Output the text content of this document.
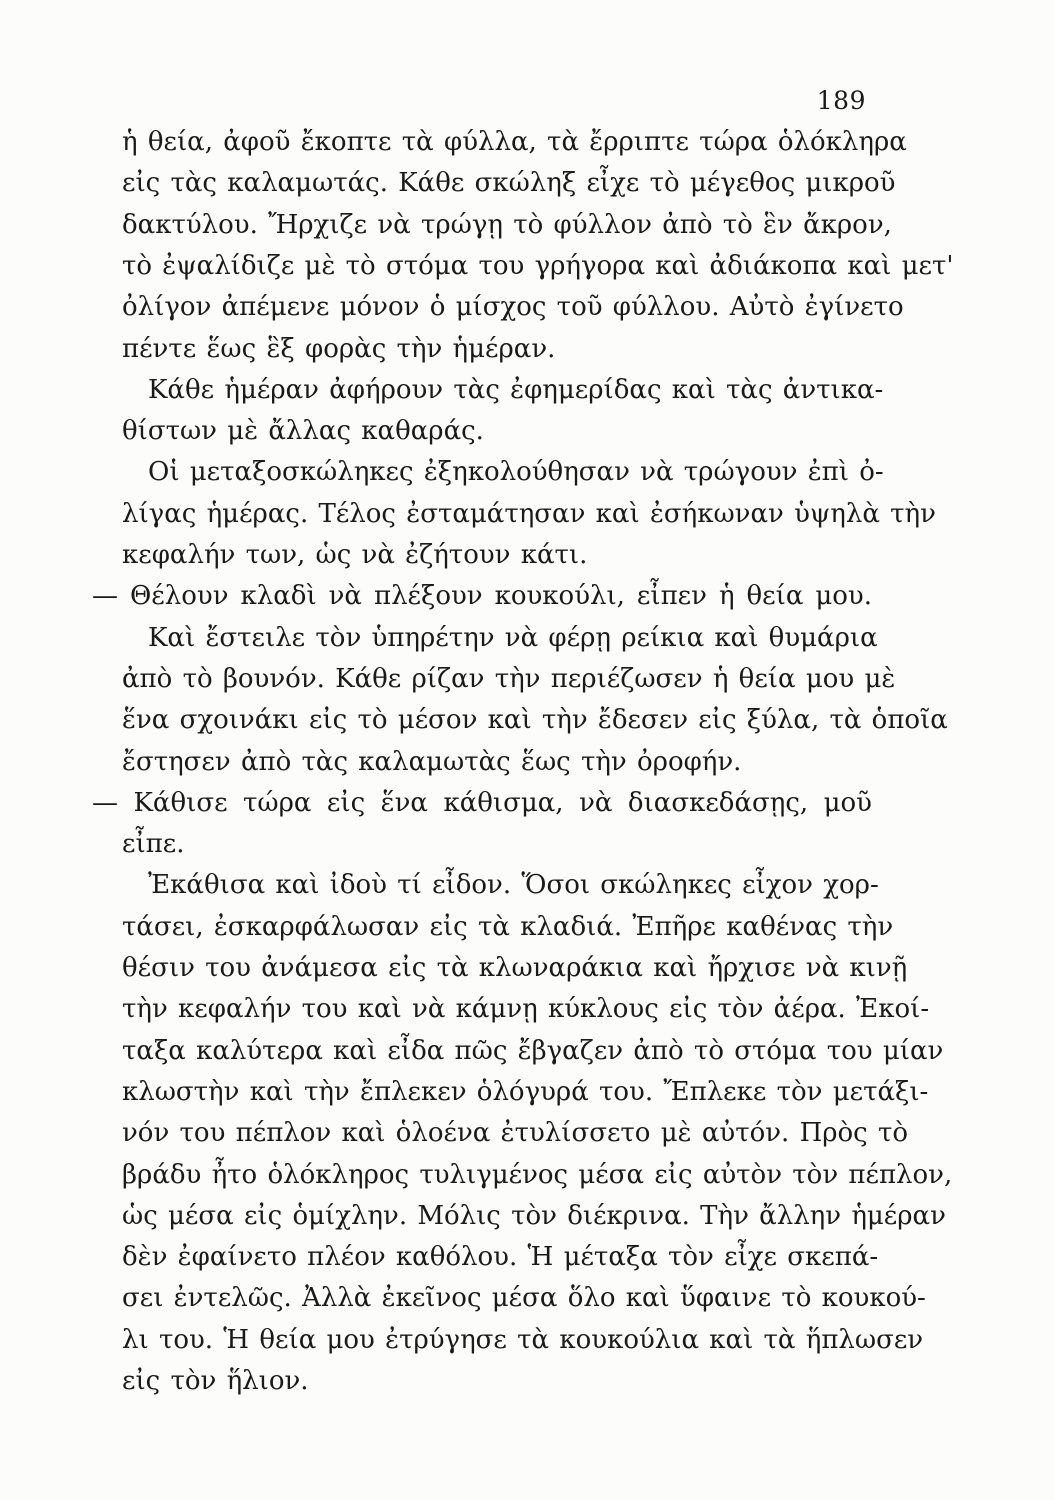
189
ἡ θεία, ἀφοῦ ἔκοπτε τὰ φύλλα, τὰ ἔρριπτε τώρα ὁλόκληρα
εἰς τὰς καλαμωτάς. Κάθε σκώληξ εἶχε τὸ μέγεθος μικροῦ
δακτύλου. Ἤρχιζε νὰ τρώγῃ τὸ φύλλον ἀπὸ τὸ ἓν ἄκρον,
τὸ ἐψαλίδιζε μὲ τὸ στόμα του γρήγορα καὶ ἀδιάκοπα καὶ μετ'
ὀλίγον ἀπέμενε μόνον ὁ μίσχος τοῦ φύλλου. Αὐτὸ ἐγίνετο
πέντε ἕως ἓξ φορὰς τὴν ἡμέραν.
Κάθε ἡμέραν ἀφήρουν τὰς ἐφημερίδας καὶ τὰς ἀντικα-
θίστων μὲ ἄλλας καθαράς.
Οἱ μεταξοσκώληκες ἐξηκολούθησαν νὰ τρώγουν ἐπὶ ὀ-
λίγας ἡμέρας. Τέλος ἐσταμάτησαν καὶ ἐσήκωναν ὑψηλὰ τὴν
κεφαλήν των, ὡς νὰ ἐζήτουν κάτι.
— Θέλουν κλαδὶ νὰ πλέξουν κουκούλι, εἶπεν ἡ θεία μου.
Καὶ ἔστειλε τὸν ὑπηρέτην νὰ φέρῃ ρείκια καὶ θυμάρια
ἀπὸ τὸ βουνόν. Κάθε ρίζαν τὴν περιέζωσεν ἡ θεία μου μὲ
ἕνα σχοινάκι εἰς τὸ μέσον καὶ τὴν ἔδεσεν εἰς ξύλα, τὰ ὁποῖα
ἔστησεν ἀπὸ τὰς καλαμωτὰς ἕως τὴν ὀροφήν.
— Κάθισε τώρα εἰς ἕνα κάθισμα, νὰ διασκεδάσῃς, μοῦ
εἶπε.
Ἐκάθισα καὶ ἰδοὺ τί εἶδον. Ὅσοι σκώληκες εἶχον χορ-
τάσει, ἐσκαρφάλωσαν εἰς τὰ κλαδιά. Ἐπῆρε καθένας τὴν
θέσιν του ἀνάμεσα εἰς τὰ κλωναράκια καὶ ἤρχισε νὰ κινῇ
τὴν κεφαλήν του καὶ νὰ κάμνῃ κύκλους εἰς τὸν ἀέρα. Ἐκοί-
ταξα καλύτερα καὶ εἶδα πῶς ἔβγαζεν ἀπὸ τὸ στόμα του μίαν
κλωστὴν καὶ τὴν ἔπλεκεν ὁλόγυρά του. Ἔπλεκε τὸν μετάξι-
νόν του πέπλον καὶ ὁλοένα ἐτυλίσσετο μὲ αὐτόν. Πρὸς τὸ
βράδυ ἦτο ὁλόκληρος τυλιγμένος μέσα εἰς αὐτὸν τὸν πέπλον,
ὡς μέσα εἰς ὁμίχλην. Μόλις τὸν διέκρινα. Τὴν ἄλλην ἡμέραν
δὲν ἐφαίνετο πλέον καθόλου. Ἡ μέταξα τὸν εἶχε σκεπά-
σει ἐντελῶς. Ἀλλὰ ἐκεῖνος μέσα ὅλο καὶ ὕφαινε τὸ κουκού-
λι του. Ἡ θεία μου ἐτρύγησε τὰ κουκούλια καὶ τὰ ἥπλωσεν
εἰς τὸν ἥλιον.
